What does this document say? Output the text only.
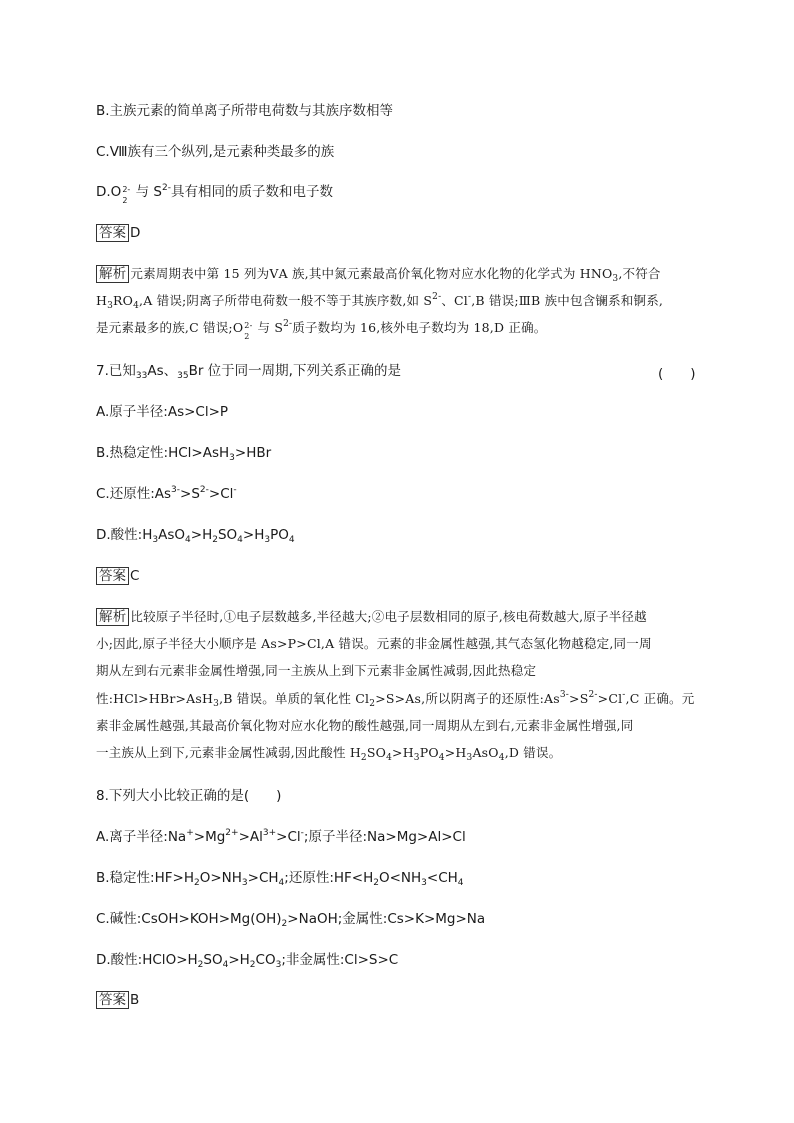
B.主族元素的简单离子所带电荷数与其族序数相等
C.Ⅷ族有三个纵列,是元素种类最多的族
D.O 2-
2
与 $S^{2-}$具有相同的质子数和电子数
答案 D
解析 元素周期表中第 15 列为ⅤA 族,其中氮元素最高价氧化物对应水化物的化学式为 $HNO_3$,不符合
$H_3RO_4,A$ 错误;阴离子所带电荷数一般不等于其族序数,如 $S^{2-}$、Cl-,B 错误;ⅢB 族中包含镧系和锕系,
是元素最多的族,C 错误;O 2-
2
与 $S^{2-}$质子数均为 16,核外电子数均为 18,D 正确。
7.已知$_{33}$As、$_{35}$Br 位于同一周期,下列关系正确的是	(　　)
A.原子半径:As>Cl>P
B.热稳定性:HCl>AsH$_3$>HBr
C.还原性$:As^{3-}>S^{2-}>Cl^-$
D.酸性$:H_3AsO_4>H_2SO_4>H_3PO_4$
答案 C
解析 比较原子半径时,①电子层数越多,半径越大;②电子层数相同的原子,核电荷数越大,原子半径越
小;因此,原子半径大小顺序是 As>P>Cl,A 错误。元素的非金属性越强,其气态氢化物越稳定,同一周
期从左到右元素非金属性增强,同一主族从上到下元素非金属性减弱,因此热稳定
性:HCl>HBr>AsH$_3$,B 错误。单质的氧化性 $Cl_2>S>As$,所以阴离子的还原性$:As^{3-}>S^{2-}>Cl^-,C$ 正确。元
素非金属性越强,其最高价氧化物对应水化物的酸性越强,同一周期从左到右,元素非金属性增强,同
一主族从上到下,元素非金属性减弱,因此酸性 $H_2SO_4>H_3PO_4>H_3AsO_4,D$ 错误。
8.下列大小比较正确的是(　　)
A.离子半径$:Na^+>Mg^{2+}>Al^{3+}>Cl^-$;原子半径:Na>Mg>Al>Cl
B.稳定性$:HF>H_2O>NH_3>CH_4$;还原性$:HF<H_2O<NH_3<CH_4$
C.碱性$:CsOH>KOH>Mg(OH)_2>NaOH$;金属性:Cs>K>Mg>Na
D.酸性$:HClO>H_2SO_4>H_2CO_3$;非金属性:Cl>S>C
答案 B
